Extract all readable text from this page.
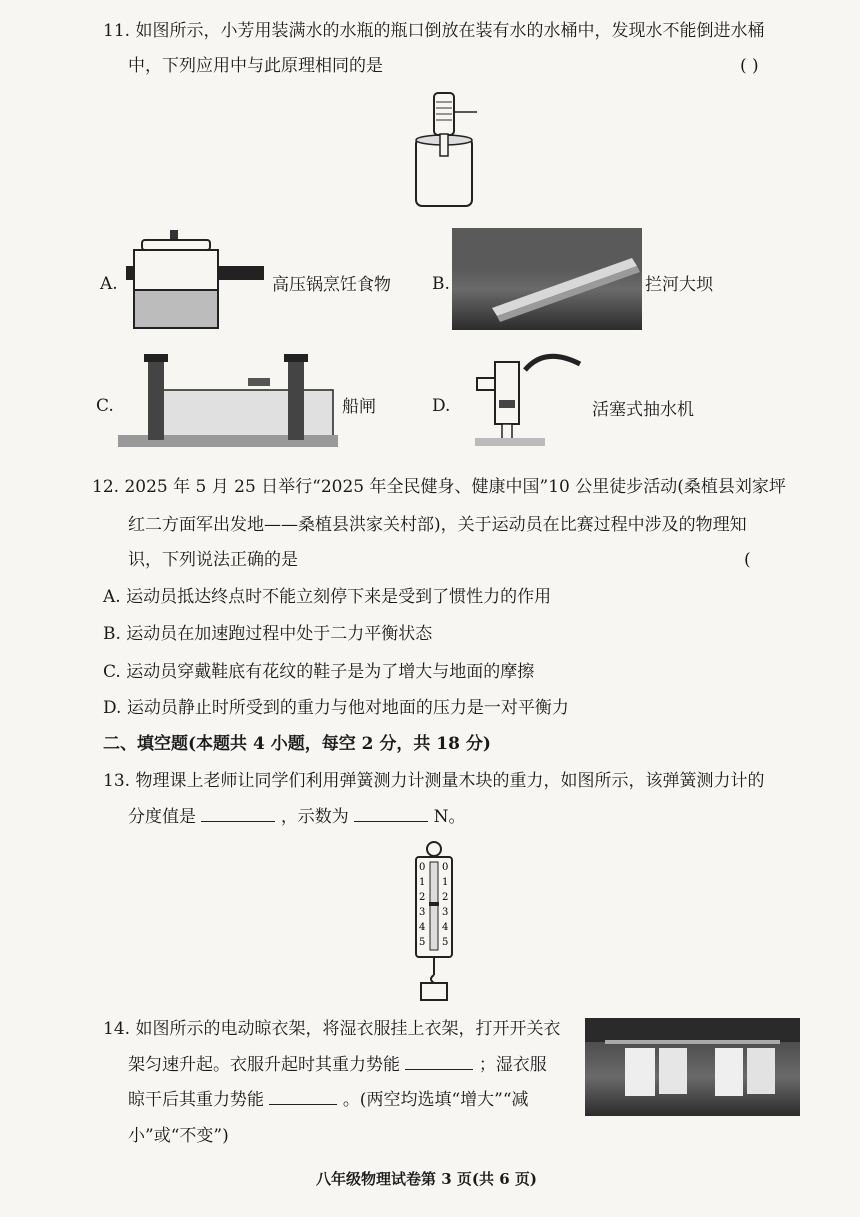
11. 如图所示，小芳用装满水的水瓶的瓶口倒放在装有水的水桶中，发现水不能倒进水桶
中，下列应用中与此原理相同的是	( )
A.	高压锅烹饪食物 B.	拦河大坝
C.	船闸	D.	活塞式抽水机
12. 2025 年 5 月 25 日举行“2025 年全民健身、健康中国”10 公里徒步活动(桑植县刘家坪
红二方面军出发地——桑植县洪家关村部)，关于运动员在比赛过程中涉及的物理知
识，下列说法正确的是	(
A. 运动员抵达终点时不能立刻停下来是受到了惯性力的作用
B. 运动员在加速跑过程中处于二力平衡状态
C. 运动员穿戴鞋底有花纹的鞋子是为了增大与地面的摩擦
D. 运动员静止时所受到的重力与他对地面的压力是一对平衡力
二、填空题(本题共 4 小题，每空 2 分，共 18 分)
13. 物理课上老师让同学们利用弹簧测力计测量木块的重力，如图所示，该弹簧测力计的
分度值是	，示数为	N。
0
1
2
3
4
5
0
1
2
3
4
5
14. 如图所示的电动晾衣架，将湿衣服挂上衣架，打开开关衣
架匀速升起。衣服升起时其重力势能	；湿衣服
晾干后其重力势能	。(两空均选填“增大”“减
小”或“不变”)
八年级物理试卷第 3 页(共 6 页)
